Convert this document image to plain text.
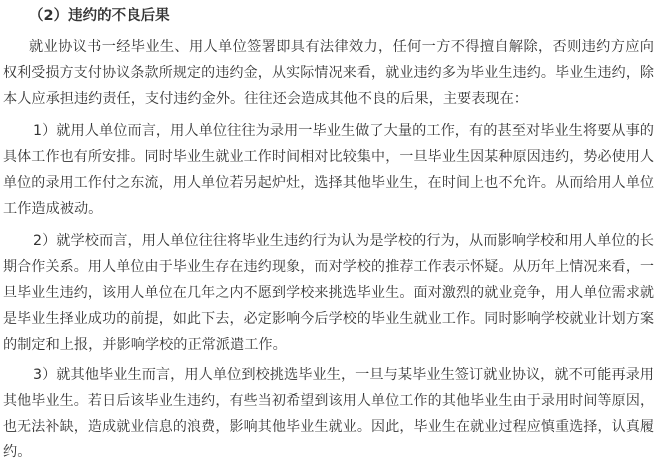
（2）违约的不良后果
就业协议书一经毕业生、用人单位签署即具有法律效力，任何一方不得擅自解除，否则违约方应向
权利受损方支付协议条款所规定的违约金，从实际情况来看，就业违约多为毕业生违约。毕业生违约，除
本人应承担违约责任，支付违约金外。往往还会造成其他不良的后果，主要表现在：
1）就用人单位而言，用人单位往往为录用一毕业生做了大量的工作，有的甚至对毕业生将要从事的
具体工作也有所安排。同时毕业生就业工作时间相对比较集中，一旦毕业生因某种原因违约，势必使用人
单位的录用工作付之东流，用人单位若另起炉灶，选择其他毕业生，在时间上也不允许。从而给用人单位
工作造成被动。
2）就学校而言，用人单位往往将毕业生违约行为认为是学校的行为，从而影响学校和用人单位的长
期合作关系。用人单位由于毕业生存在违约现象，而对学校的推荐工作表示怀疑。从历年上情况来看，一
旦毕业生违约，该用人单位在几年之内不愿到学校来挑选毕业生。面对激烈的就业竞争，用人单位需求就
是毕业生择业成功的前提，如此下去，必定影响今后学校的毕业生就业工作。同时影响学校就业计划方案
的制定和上报，并影响学校的正常派遣工作。
3）就其他毕业生而言，用人单位到校挑选毕业生，一旦与某毕业生签订就业协议，就不可能再录用
其他毕业生。若日后该毕业生违约，有些当初希望到该用人单位工作的其他毕业生由于录用时间等原因，
也无法补缺，造成就业信息的浪费，影响其他毕业生就业。因此，毕业生在就业过程应慎重选择，认真履
约。
